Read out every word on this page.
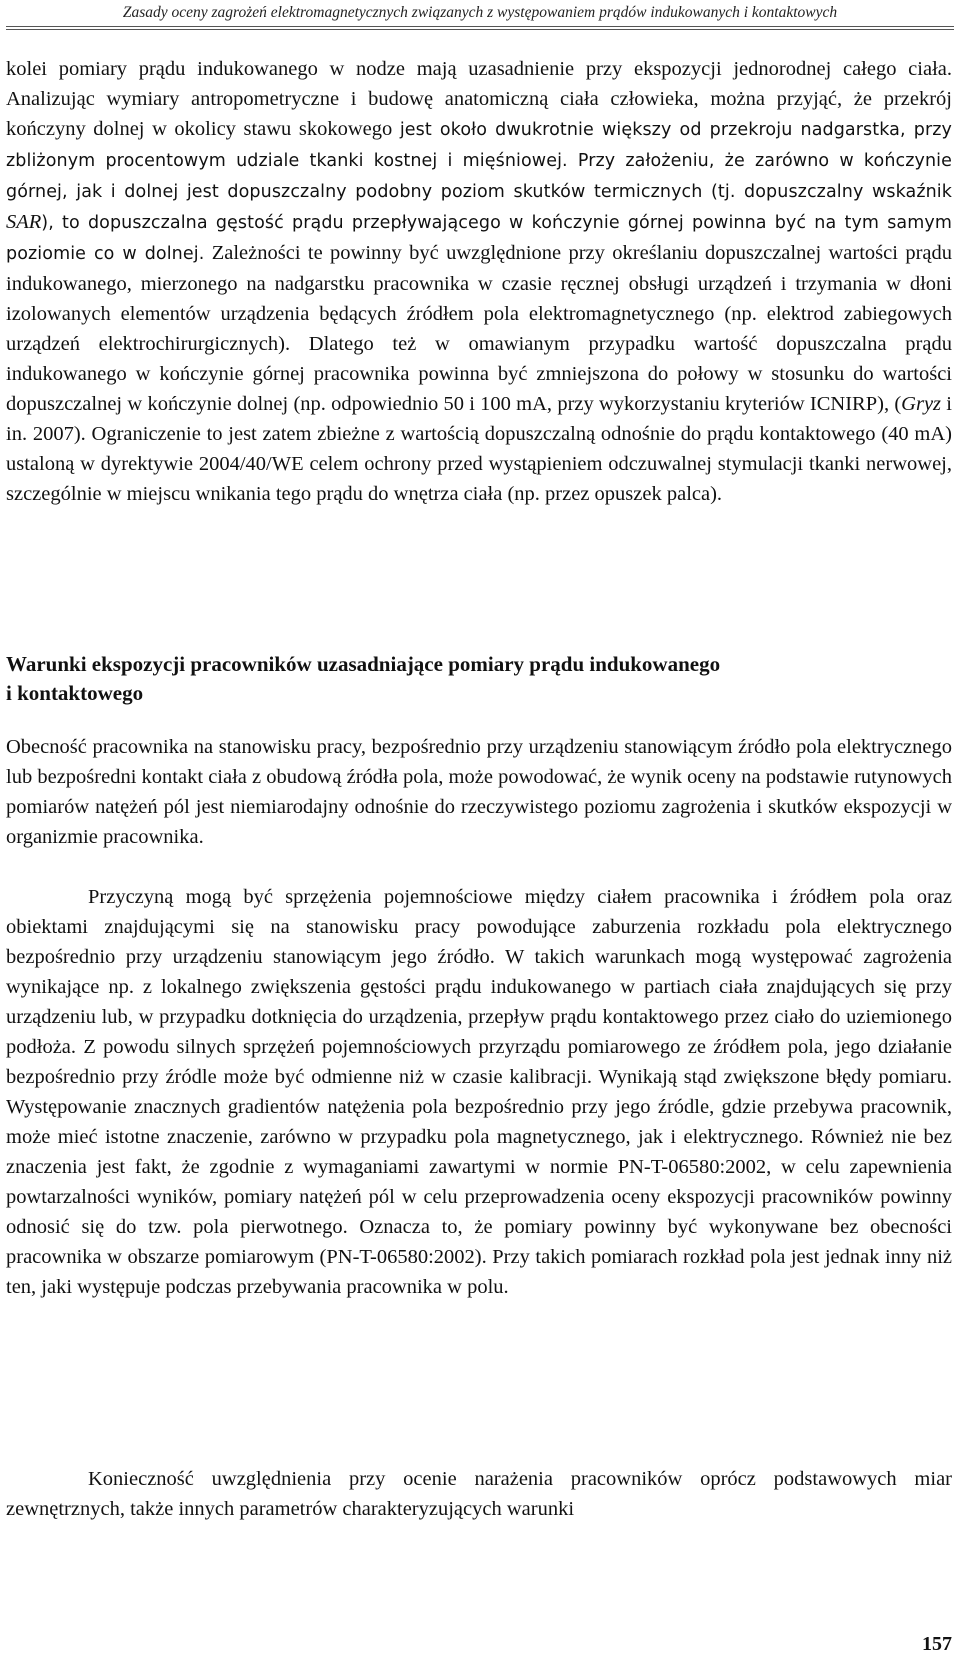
Zasady oceny zagrożeń elektromagnetycznych związanych z występowaniem prądów indukowanych i kontaktowych
kolei pomiary prądu indukowanego w nodze mają uzasadnienie przy ekspozycji jednorodnej całego ciała. Analizując wymiary antropometryczne i budowę anatomiczną ciała człowieka, można przyjąć, że przekrój kończyny dolnej w okolicy stawu skokowego jest około dwukrotnie większy od przekroju nadgarstka, przy zbliżonym procentowym udziale tkanki kostnej i mięśniowej. Przy założeniu, że zarówno w kończynie górnej, jak i dolnej jest dopuszczalny podobny poziom skutków termicznych (tj. dopuszczalny wskaźnik SAR), to dopuszczalna gęstość prądu przepływającego w kończynie górnej powinna być na tym samym poziomie co w dolnej. Zależności te powinny być uwzględnione przy określaniu dopuszczalnej wartości prądu indukowanego, mierzonego na nadgarstku pracownika w czasie ręcznej obsługi urządzeń i trzymania w dłoni izolowanych elementów urządzenia będących źródłem pola elektromagnetycznego (np. elektrod zabiegowych urządzeń elektrochirurgicznych). Dlatego też w omawianym przypadku wartość dopuszczalna prądu indukowanego w kończynie górnej pracownika powinna być zmniejszona do połowy w stosunku do wartości dopuszczalnej w kończynie dolnej (np. odpowiednio 50 i 100 mA, przy wykorzystaniu kryteriów ICNIRP), (Gryz i in. 2007). Ograniczenie to jest zatem zbieżne z wartością dopuszczalną odnośnie do prądu kontaktowego (40 mA) ustaloną w dyrektywie 2004/40/WE celem ochrony przed wystąpieniem odczuwalnej stymulacji tkanki nerwowej, szczególnie w miejscu wnikania tego prądu do wnętrza ciała (np. przez opuszek palca).
Warunki ekspozycji pracowników uzasadniające pomiary prądu indukowanego
i kontaktowego
Obecność pracownika na stanowisku pracy, bezpośrednio przy urządzeniu stanowiącym źródło pola elektrycznego lub bezpośredni kontakt ciała z obudową źródła pola, może powodować, że wynik oceny na podstawie rutynowych pomiarów natężeń pól jest niemiarodajny odnośnie do rzeczywistego poziomu zagrożenia i skutków ekspozycji w organizmie pracownika.
Przyczyną mogą być sprzężenia pojemnościowe między ciałem pracownika i źródłem pola oraz obiektami znajdującymi się na stanowisku pracy powodujące zaburzenia rozkładu pola elektrycznego bezpośrednio przy urządzeniu stanowiącym jego źródło. W takich warunkach mogą występować zagrożenia wynikające np. z lokalnego zwiększenia gęstości prądu indukowanego w partiach ciała znajdujących się przy urządzeniu lub, w przypadku dotknięcia do urządzenia, przepływ prądu kontaktowego przez ciało do uziemionego podłoża. Z powodu silnych sprzężeń pojemnościowych przyrządu pomiarowego ze źródłem pola, jego działanie bezpośrednio przy źródle może być odmienne niż w czasie kalibracji. Wynikają stąd zwiększone błędy pomiaru. Występowanie znacznych gradientów natężenia pola bezpośrednio przy jego źródle, gdzie przebywa pracownik, może mieć istotne znaczenie, zarówno w przypadku pola magnetycznego, jak i elektrycznego. Również nie bez znaczenia jest fakt, że zgodnie z wymaganiami zawartymi w normie PN-T-06580:2002, w celu zapewnienia powtarzalności wyników, pomiary natężeń pól w celu przeprowadzenia oceny ekspozycji pracowników powinny odnosić się do tzw. pola pierwotnego. Oznacza to, że pomiary powinny być wykonywane bez obecności pracownika w obszarze pomiarowym (PN-T-06580:2002). Przy takich pomiarach rozkład pola jest jednak inny niż ten, jaki występuje podczas przebywania pracownika w polu.
Konieczność uwzględnienia przy ocenie narażenia pracowników oprócz podstawowych miar zewnętrznych, także innych parametrów charakteryzujących warunki
157
